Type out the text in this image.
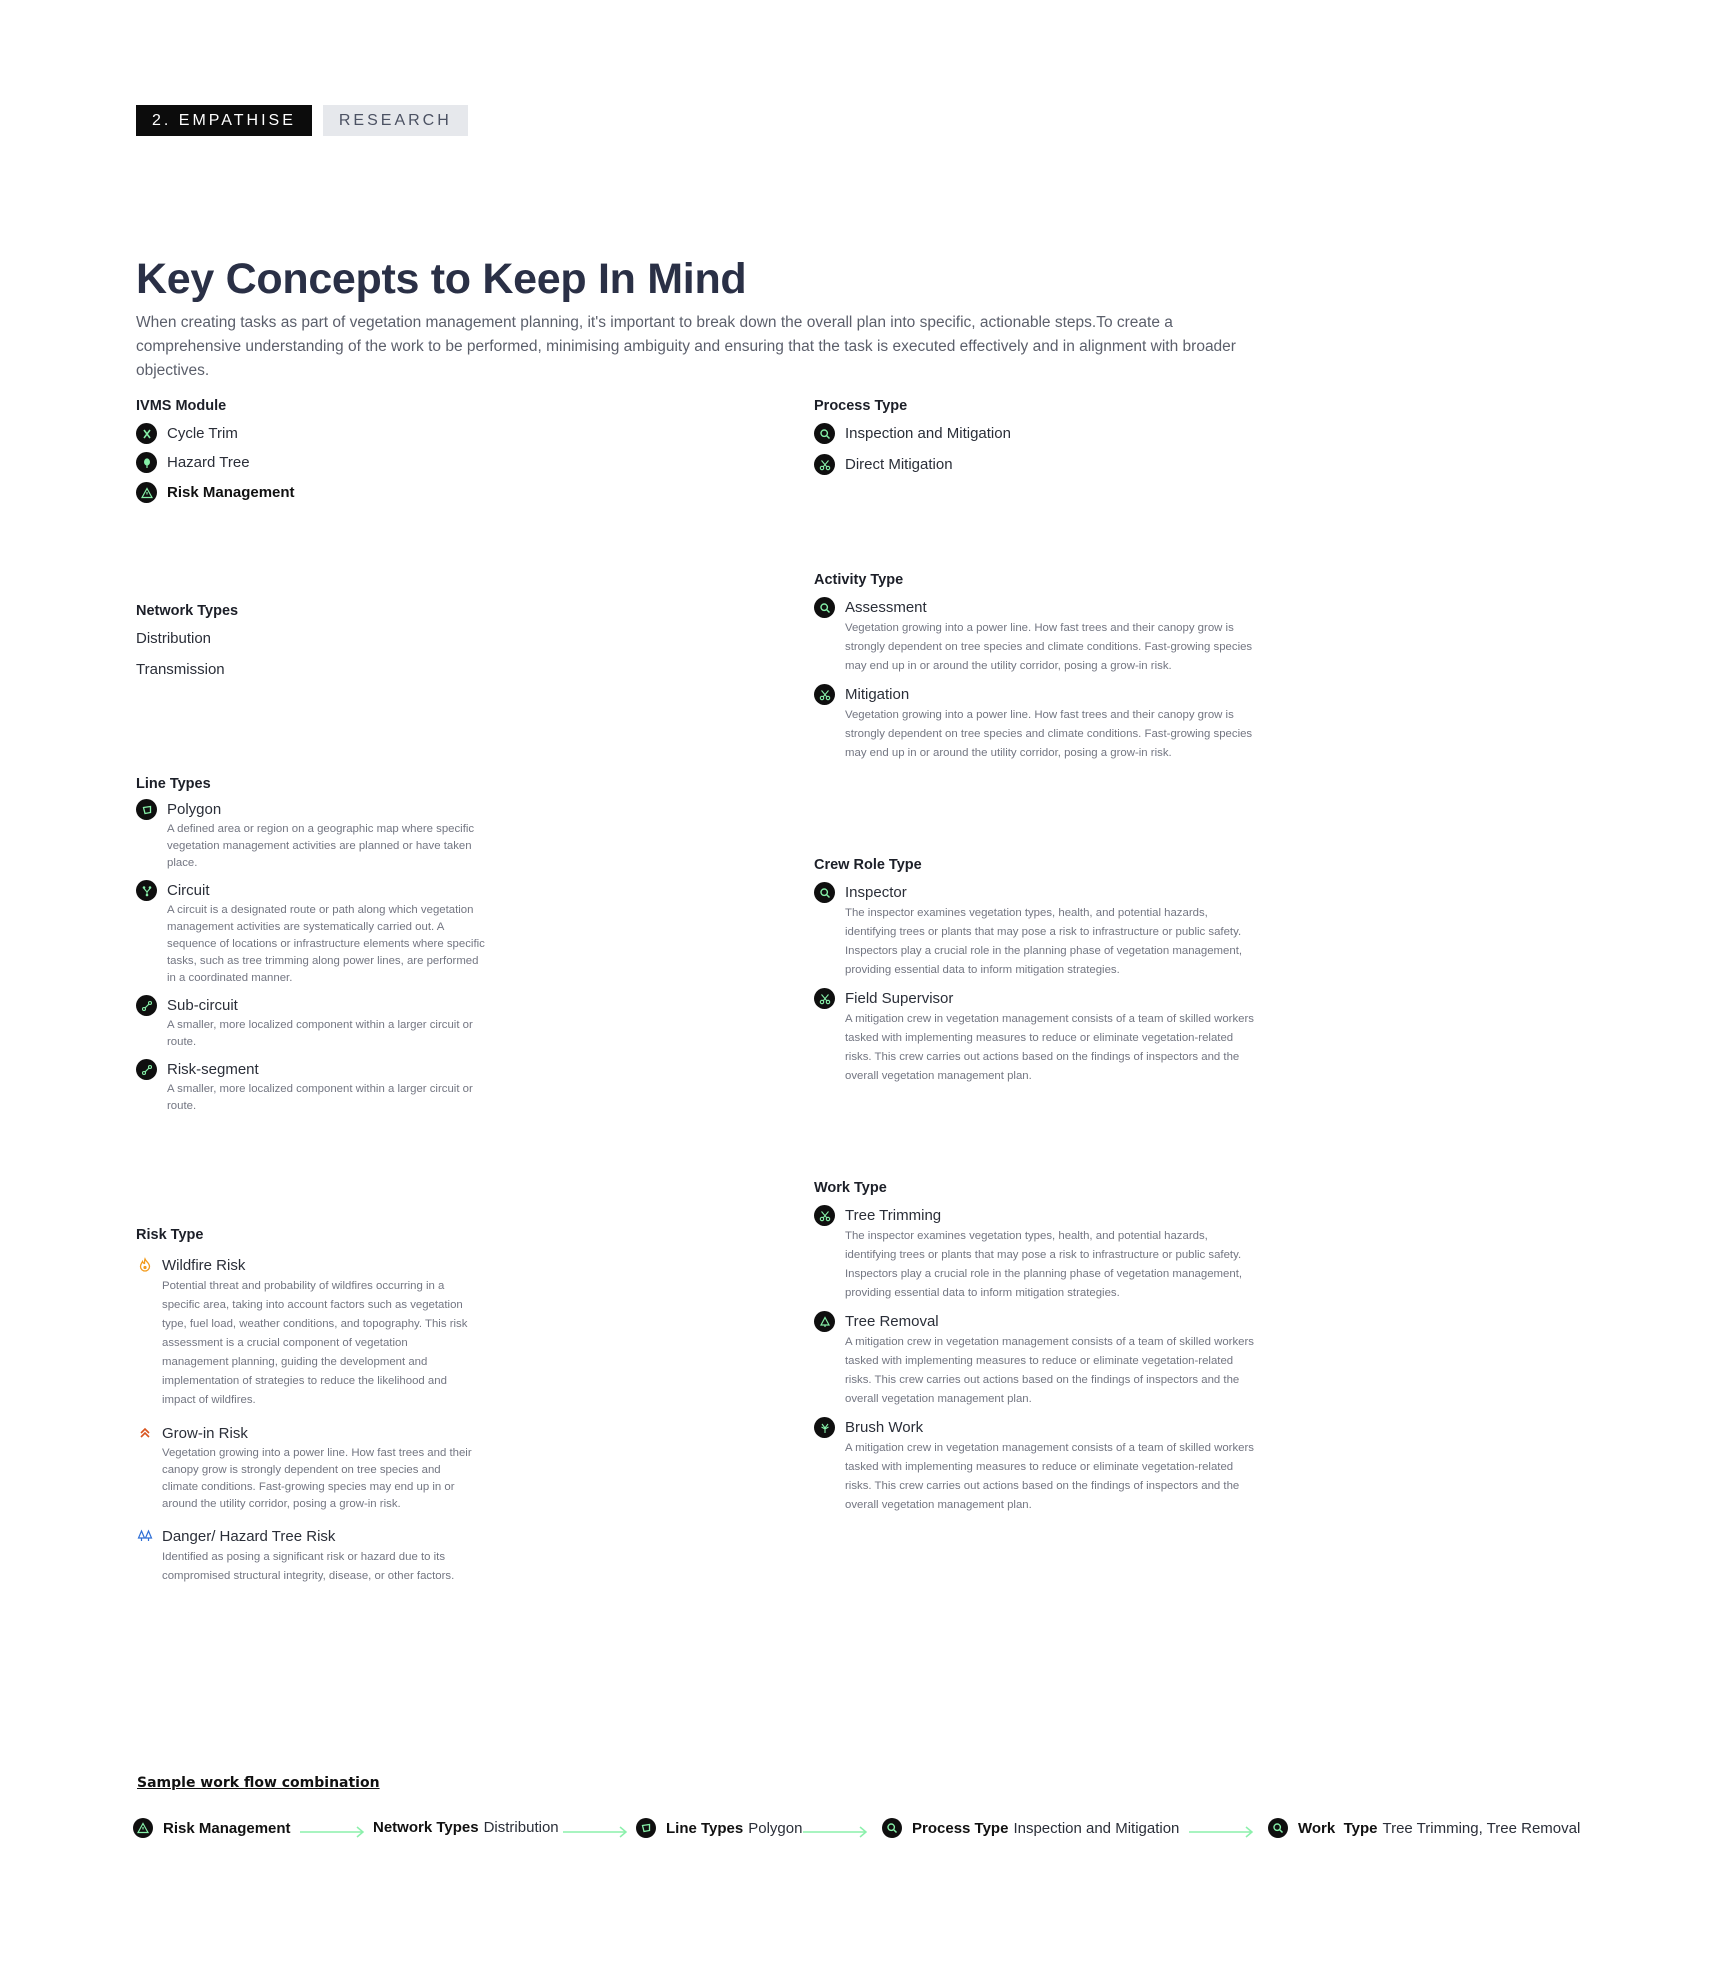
2. EMPATHISE	RESEARCH
Key Concepts to Keep In Mind

When creating tasks as part of vegetation management planning, it's important to break down the overall plan into specific, actionable steps.To create a comprehensive understanding of the work to be performed, minimising ambiguity and ensuring that the task is executed effectively and in alignment with broader objectives.

IVMS Module
Cycle Trim
Hazard Tree
Risk Management
Process Type
Inspection and Mitigation
Direct Mitigation
Network Types
Distribution
Transmission
Activity Type
Assessment
Vegetation growing into a power line. How fast trees and their canopy grow is strongly dependent on tree species and climate conditions. Fast-growing species may end up in or around the utility corridor, posing a grow-in risk.
Mitigation
Vegetation growing into a power line. How fast trees and their canopy grow is strongly dependent on tree species and climate conditions. Fast-growing species may end up in or around the utility corridor, posing a grow-in risk.
Line Types
Polygon
A defined area or region on a geographic map where specific vegetation management activities are planned or have taken place.
Circuit
A circuit is a designated route or path along which vegetation management activities are systematically carried out. A sequence of locations or infrastructure elements where specific tasks, such as tree trimming along power lines, are performed in a coordinated manner.
Sub-circuit
A smaller, more localized component within a larger circuit or route.
Risk-segment
A smaller, more localized component within a larger circuit or route.
Crew Role Type
Inspector
The inspector examines vegetation types, health, and potential hazards, identifying trees or plants that may pose a risk to infrastructure or public safety. Inspectors play a crucial role in the planning phase of vegetation management, providing essential data to inform mitigation strategies.
Field Supervisor
A mitigation crew in vegetation management consists of a team of skilled workers tasked with implementing measures to reduce or eliminate vegetation-related risks. This crew carries out actions based on the findings of inspectors and the overall vegetation management plan.
Work Type
Tree Trimming
The inspector examines vegetation types, health, and potential hazards, identifying trees or plants that may pose a risk to infrastructure or public safety. Inspectors play a crucial role in the planning phase of vegetation management, providing essential data to inform mitigation strategies.
Tree Removal
A mitigation crew in vegetation management consists of a team of skilled workers tasked with implementing measures to reduce or eliminate vegetation-related risks. This crew carries out actions based on the findings of inspectors and the overall vegetation management plan.
Brush Work
A mitigation crew in vegetation management consists of a team of skilled workers tasked with implementing measures to reduce or eliminate vegetation-related risks. This crew carries out actions based on the findings of inspectors and the overall vegetation management plan.
Risk Type
Wildfire Risk
Potential threat and probability of wildfires occurring in a specific area, taking into account factors such as vegetation type, fuel load, weather conditions, and topography. This risk assessment is a crucial component of vegetation management planning, guiding the development and implementation of strategies to reduce the likelihood and impact of wildfires.
Grow-in Risk
Vegetation growing into a power line. How fast trees and their canopy grow is strongly dependent on tree species and climate conditions. Fast-growing species may end up in or around the utility corridor, posing a grow-in risk.
Danger/ Hazard Tree Risk
Identified as posing a significant risk or hazard due to its compromised structural integrity, disease, or other factors.
Sample work flow combination
Risk Management	Network Types Distribution	Line Types Polygon	Process Type Inspection and Mitigation	Work  Type Tree Trimming, Tree Removal
